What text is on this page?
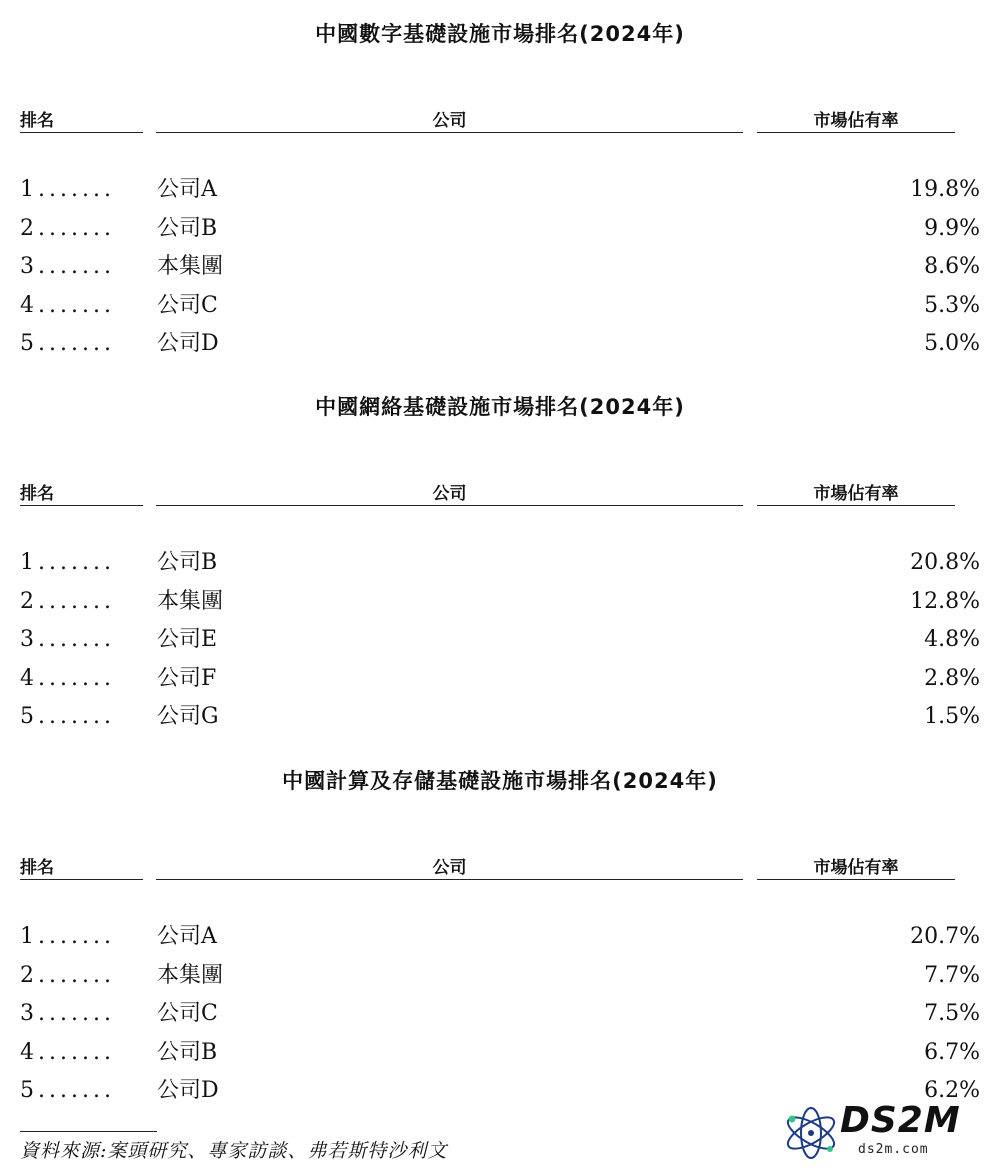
中國數字基礎設施市場排名(2024年)
排名	公司	市場佔有率
1 ....... 公司A	19.8%
2 ....... 公司B	9.9%
3 ....... 本集團	8.6%
4 ....... 公司C	5.3%
5 ....... 公司D	5.0%
中國網絡基礎設施市場排名(2024年)
排名	公司	市場佔有率
1 ....... 公司B	20.8%
2 ....... 本集團	12.8%
3 ....... 公司E	4.8%
4 ....... 公司F	2.8%
5 ....... 公司G	1.5%
中國計算及存儲基礎設施市場排名(2024年)
排名	公司	市場佔有率
1 ....... 公司A	20.7%
2 ....... 本集團	7.7%
3 ....... 公司C	7.5%
4 ....... 公司B	6.7%
5 ....... 公司D	6.2%
資料來源:案頭研究、專家訪談、弗若斯特沙利文
DS2M
ds2m.com
